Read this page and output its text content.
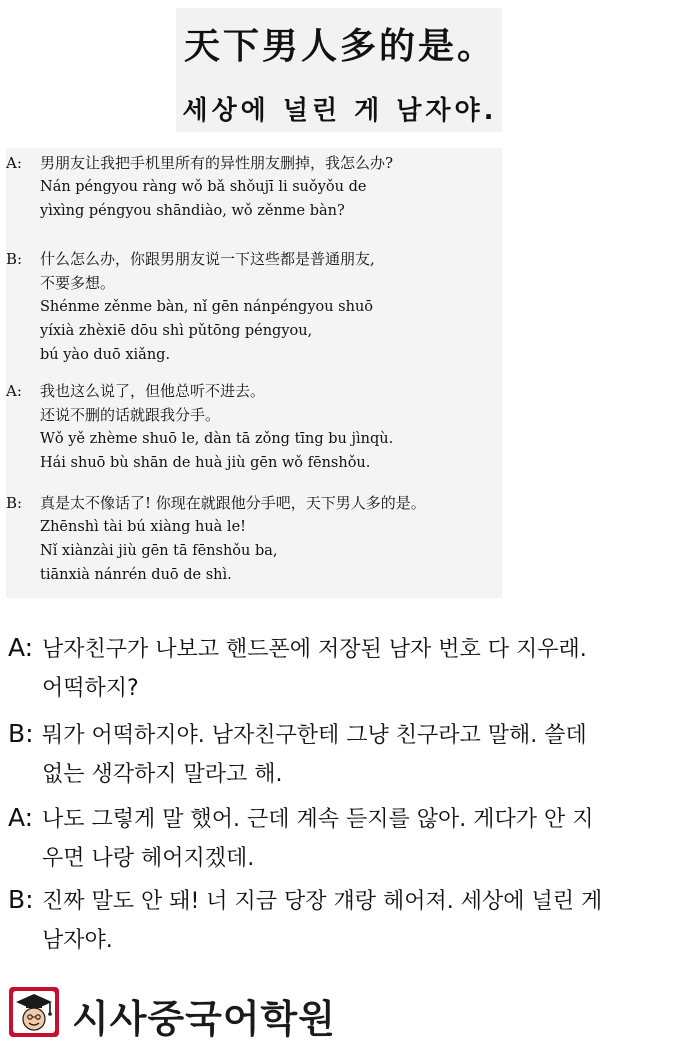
天下男人多的是。
세상에 널린 게 남자야.
A: 男朋友让我把手机里所有的异性朋友删掉，我怎么办?
Nán péngyou ràng wǒ bǎ shǒujī li suǒyǒu de
yìxìng péngyou shāndiào, wǒ zěnme bàn?
B: 什么怎么办，你跟男朋友说一下这些都是普通朋友,
不要多想。
Shénme zěnme bàn, nǐ gēn nánpéngyou shuō
yíxià zhèxiē dōu shì pǔtōng péngyou,
bú yào duō xiǎng.
A: 我也这么说了，但他总听不进去。
还说不删的话就跟我分手。
Wǒ yě zhème shuō le, dàn tā zǒng tīng bu jìnqù.
Hái shuō bù shān de huà jiù gēn wǒ fēnshǒu.
B: 真是太不像话了! 你现在就跟他分手吧，天下男人多的是。
Zhēnshì tài bú xiàng huà le!
Nǐ xiànzài jiù gēn tā fēnshǒu ba,
tiānxià nánrén duō de shì.
A: 남자친구가 나보고 핸드폰에 저장된 남자 번호 다 지우래.
어떡하지?
B: 뭐가 어떡하지야. 남자친구한테 그냥 친구라고 말해. 쓸데
없는 생각하지 말라고 해.
A: 나도 그렇게 말 했어. 근데 계속 듣지를 않아. 게다가 안 지
우면 나랑 헤어지겠데.
B: 진짜 말도 안 돼! 너 지금 당장 걔랑 헤어져. 세상에 널린 게
남자야.
시사중국어학원
